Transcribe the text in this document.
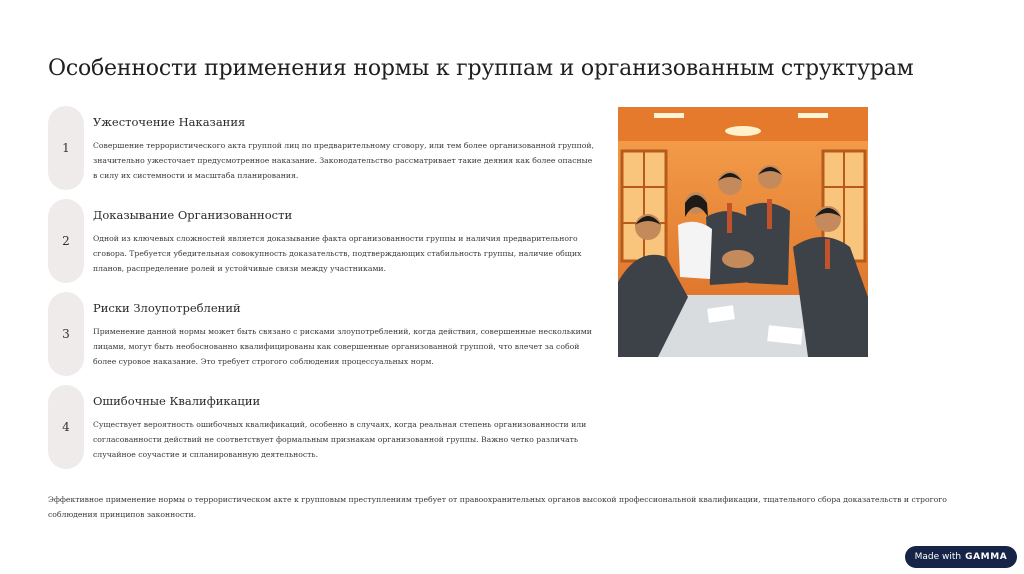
Особенности применения нормы к группам и организованным структурам
1
Ужесточение Наказания
Совершение террористического акта группой лиц по предварительному сговору, или тем более организованной группой, значительно ужесточает предусмотренное наказание. Законодательство рассматривает такие деяния как более опасные в силу их системности и масштаба планирования.
2
Доказывание Организованности
Одной из ключевых сложностей является доказывание факта организованности группы и наличия предварительного сговора. Требуется убедительная совокупность доказательств, подтверждающих стабильность группы, наличие общих планов, распределение ролей и устойчивые связи между участниками.
3
Риски Злоупотреблений
Применение данной нормы может быть связано с рисками злоупотреблений, когда действия, совершенные несколькими лицами, могут быть необоснованно квалифицированы как совершенные организованной группой, что влечет за собой более суровое наказание. Это требует строгого соблюдения процессуальных норм.
4
Ошибочные Квалификации
Существует вероятность ошибочных квалификаций, особенно в случаях, когда реальная степень организованности или согласованности действий не соответствует формальным признакам организованной группы. Важно четко различать случайное соучастие и спланированную деятельность.
Эффективное применение нормы о террористическом акте к групповым преступлениям требует от правоохранительных органов высокой профессиональной квалификации, тщательного сбора доказательств и строгого соблюдения принципов законности.
Made with GAMMA
